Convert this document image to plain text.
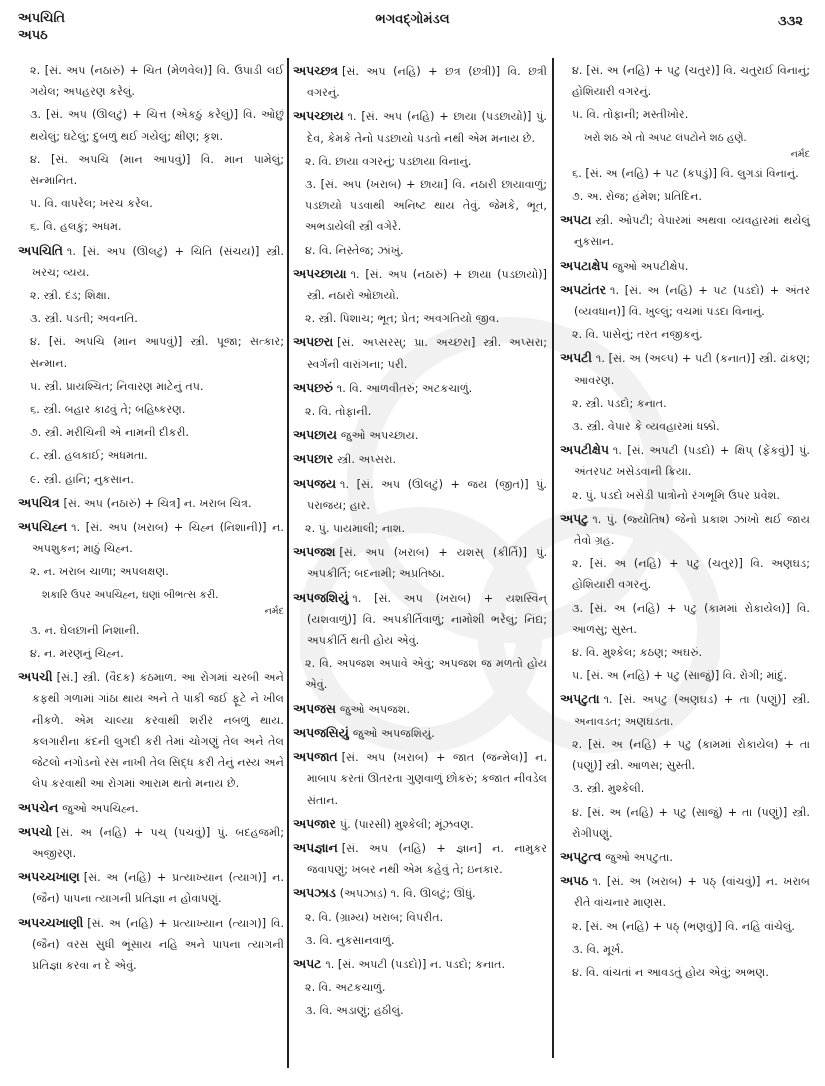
અપચિતિ
અપઠ
ભગવદ્ગોમંડલ	૩૩૨

૨. [સં. અપ (નઠારું) + ચિત (મેળવેલ)] વિ. ઉપાડી લઈ ગયેલ; અપહરણ કરેલું.

૩. [સં. અપ (ઊલટું) + ચિત્ત (એકઠું કરેલું)] વિ. ઓછું થયેલું; ઘટેલું; દુબળું થઈ ગયેલું; ક્ષીણ; કૃશ.

૪. [સં. અપચિ (માન આપવું)] વિ. માન પામેલું; સન્માનિત.

૫. વિ. વાપરેલ; ખરચ કરેલ.

૬. વિ. હલકું; અધમ.

અપચિતિ ૧. [સં. અપ (ઊલટું) + ચિતિ (સંચય)] સ્ત્રી. ખરચ; વ્યય.

૨. સ્ત્રી. દંડ; શિક્ષા.

૩. સ્ત્રી. પડતી; અવનતિ.

૪. [સં. અપચિ (માન આપવું)] સ્ત્રી. પૂજા; સત્કાર; સન્માન.

૫. સ્ત્રી. પ્રાયશ્ચિત; નિવારણ માટેનું તપ.

૬. સ્ત્રી. બહાર કાઢવું તે; બહિષ્કરણ.

૭. સ્ત્રી. મરીચિની એ નામની દીકરી.

૮. સ્ત્રી. હલકાઈ; અધમતા.

૯. સ્ત્રી. હાનિ; નુકસાન.

અપચિત્ર [સં. અપ (નઠારું) + ચિત્ર] ન. ખરાબ ચિત્ર.

અપચિહ્ન ૧. [સં. અપ (ખરાબ) + ચિહ્ન (નિશાની)] ન. અપશુકન; માઠું ચિહ્ન.

૨. ન. ખરાબ ચાળા; અપલક્ષણ.

શકારિ ઉપર અપચિહ્ન, ઘણાં બીભત્સ કરી.

નર્મદ

૩. ન. ઘેલછાની નિશાની.

૪. ન. મરણનું ચિહ્ન.

અપચી [સં.] સ્ત્રી. (વૈદક) કંઠમાળ. આ રોગમાં ચરબી અને કફથી ગળામાં ગાંઠા થાય અને તે પાકી જઈ ફૂટે ને ખીલ નીકળે. એમ ચાલ્યા કરવાથી શરીર નબળું થાય. કલગારીના કંદની લુગદી કરી તેમાં ચોગણું તેલ અને તેલ જેટલો નગોડનો રસ નાખી તેલ સિદ્ધ કરી તેનું નસ્ય અને લેપ કરવાથી આ રોગમાં આરામ થતો મનાય છે.

અપચેન જુઓ અપચિહ્ન.

અપચો [સં. અ (નહિ) + પચ્ (પચવું)] પું. બદહજમી; અજીરણ.

અપચ્ચખાણ [સં. અ (નહિ) + પ્રત્યાખ્યાન (ત્યાગ)] ન. (જૈન) પાપના ત્યાગની પ્રતિજ્ઞા ન હોવાપણું.

અપચ્ચખાણી [સં. અ (નહિ) + પ્રત્યાખ્યાન (ત્યાગ)] વિ. (જૈન) વરસ સુધી ભૂંસાય નહિ અને પાપના ત્યાગની પ્રતિજ્ઞા કરવા ન દે એવું.

અપચ્છત્ર [સં. અપ (નહિ) + છત્ર (છત્રી)] વિ. છત્રી વગરનું.

અપચ્છાય ૧. [સં. અપ (નહિ) + છાયા (પડછાયો)] પું. દેવ, કેમકે તેનો પડછાયો પડતો નથી એમ મનાય છે.

૨. વિ. છાયા વગરનું; પડછાયા વિનાનું.

૩. [સં. અપ (ખરાબ) + છાયા] વિ. નઠારી છાયાવાળું; પડછાયો પડવાથી અનિષ્ટ થાય તેવું. જેમકે, ભૂત, અભડાયેલી સ્ત્રી વગેરે.

૪. વિ. નિસ્તેજ; ઝાંખું.

અપચ્છાયા ૧. [સં. અપ (નઠારું) + છાયા (પડછાયો)] સ્ત્રી. નઠારો ઓછાયો.

૨. સ્ત્રી. પિશાચ; ભૂત; પ્રેત; અવગતિયો જીવ.

અપછરા [સં. અપ્સરસ્; પ્રા. અચ્છરા] સ્ત્રી. અપ્સરા; સ્વર્ગની વારાંગના; પરી.

અપછરું ૧. વિ. આળવીતરું; અટકચાળું.

૨. વિ. તોફાની.

અપછાય જુઓ અપચ્છાય.

અપછાર સ્ત્રી. અપ્સરા.

અપજય ૧. [સં. અપ (ઊલટું) + જય (જીત)] પું. પરાજય; હાર.

૨. પું. પાયમાલી; નાશ.

અપજશ [સં. અપ (ખરાબ) + યશસ્ (કીર્તિ)] પું. અપકીર્તિ; બદનામી; અપ્રતિષ્ઠા.

અપજશિયું ૧. [સં. અપ (ખરાબ) + યશસ્વિન્ (યશવાળું)] વિ. અપકીર્તિવાળું; નામોશી ભરેલું; નિંદ્ય; અપકીર્તિ થતી હોય એવું.

૨. વિ. અપજશ અપાવે એવું; અપજશ જ મળતો હોય એવું.

અપજસ જુઓ અપજશ.

અપજસિયું જુઓ અપજશિયું.

અપજાત [સં. અપ (ખરાબ) + જાત (જન્મેલ)] ન. માબાપ કરતાં ઊતરતા ગુણવાળું છોકરું; કજાત નીવડેલ સંતાન.

અપજાર પું. (પારસી) મુશ્કેલી; મૂંઝવણ.

અપજ્ઞાન [સં. અપ (નહિ) + જ્ઞાન] ન. નામુકર જવાપણું; ખબર નથી એમ કહેવું તે; ઇનકાર.

અપઝાડ (અપઝાડ઼) ૧. વિ. ઊલટું; ઊંધું.

૨. વિ. (ગ્રામ્ય) ખરાબ; વિપરીત.

૩. વિ. નુકસાનવાળું.

અપટ ૧. [સં. અપટી (પડદો)] ન. પડદો; કનાત.

૨. વિ. અટકચાળું.

૩. વિ. અડાણું; હઠીલું.

૪. [સં. અ (નહિ) + પટુ (ચતુર)] વિ. ચતુરાઈ વિનાનું; હોશિયારી વગરનું.

૫. વિ. તોફાની; મસ્તીખોર.

ખરો શઠ એ તો અપટ લંપટોને શઠ હણે.

નર્મદ

૬. [સં. અ (નહિ) + પટ (કપડું)] વિ. લુગડાં વિનાનું.

૭. અ. રોજ; હંમેશ; પ્રતિદિન.

અપટા સ્ત્રી. ઓપટી; વેપારમાં અથવા વ્યવહારમાં થયેલું નુકસાન.

અપટાક્ષેપ જુઓ અપટીક્ષેપ.

અપટાંતર ૧. [સં. અ (નહિ) + પટ (પડદો) + અંતર (વ્યવધાન)] વિ. ખુલ્લું; વચમાં પડદા વિનાનું.

૨. વિ. પાસેનું; તરત નજીકનું.

અપટી ૧. [સં. અ (અલ્પ) + પટી (કનાત)] સ્ત્રી. ઢાંકણ; આવરણ.

૨. સ્ત્રી. પડદો; કનાત.

૩. સ્ત્રી. વેપાર કે વ્યવહારમાં ધક્કો.

અપટીક્ષેપ ૧. [સં. અપટી (પડદો) + ક્ષિપ્ (ફેંકવું)] પું. અંતરપટ ખસેડવાની ક્રિયા.

૨. પું. પડદો ખસેડી પાત્રોનો રંગભૂમિ ઉપર પ્રવેશ.

અપટુ ૧. પું. (જ્યોતિષ) જેનો પ્રકાશ ઝાંખો થઈ જાય તેવો ગ્રહ.

૨. [સં. અ (નહિ) + પટુ (ચતુર)] વિ. અણઘડ; હોશિયારી વગરનું.

૩. [સં. અ (નહિ) + પટુ (કામમાં રોકાયેલ)] વિ. આળસુ; સુસ્ત.

૪. વિ. મુશ્કેલ; કઠણ; અઘરું.

૫. [સં. અ (નહિ) + પટુ (સાજું)] વિ. રોગી; માંદું.

અપટુતા ૧. [સં. અપટુ (અણઘડ) + તા (પણું)] સ્ત્રી. અનાવડત; અણઘડતા.

૨. [સં. અ (નહિ) + પટુ (કામમાં રોકાયેલ) + તા (પણું)] સ્ત્રી. આળસ; સુસ્તી.

૩. સ્ત્રી. મુશ્કેલી.

૪. [સં. અ (નહિ) + પટુ (સાજું) + તા (પણું)] સ્ત્રી. રોગીપણું.

અપટુત્વ જુઓ અપટુતા.

અપઠ ૧. [સં. અ (ખરાબ) + પઠ્ (વાંચવું)] ન. ખરાબ રીતે વાંચનાર માણસ.

૨. [સં. અ (નહિ) + પઠ્ (ભણવું)] વિ. નહિ વાંચેલું.

૩. વિ. મૂર્ખ.

૪. વિ. વાંચતાં ન આવડતું હોય એવું; અભણ.
